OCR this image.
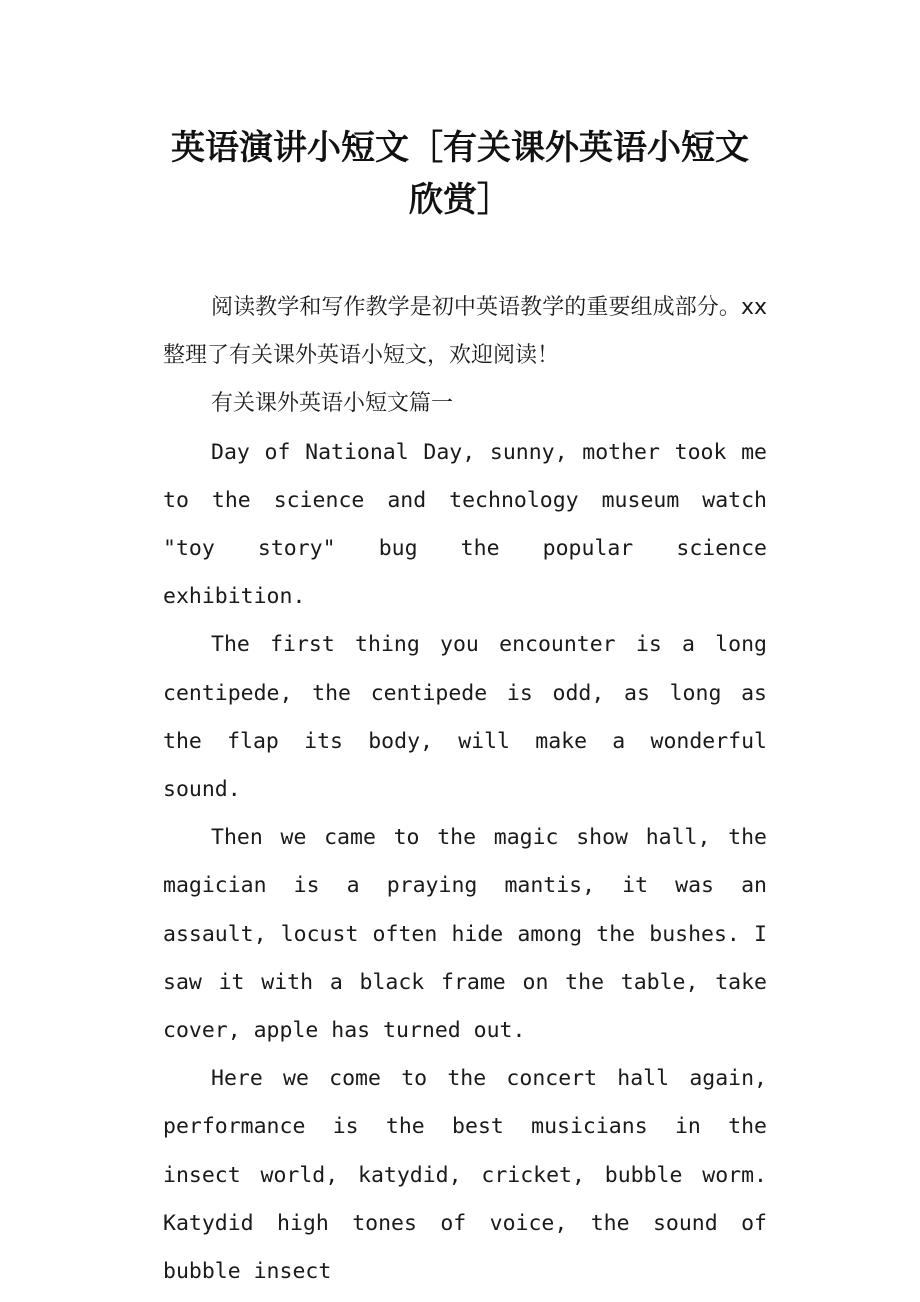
英语演讲小短文［有关课外英语小短文
欣赏］

阅读教学和写作教学是初中英语教学的重要组成部分。xx整理了有关课外英语小短文，欢迎阅读！

有关课外英语小短文篇一

Day of National Day, sunny, mother took me to the science and technology museum watch "toy story" bug the popular science exhibition.

The first thing you encounter is a long centipede, the centipede is odd, as long as the flap its body, will make a wonderful sound.

Then we came to the magic show hall, the magician is a praying mantis, it was an assault, locust often hide among the bushes. I saw it with a black frame on the table, take cover, apple has turned out.

Here we come to the concert hall again, performance is the best musicians in the insect world, katydid, cricket, bubble worm. Katydid high tones of voice, the sound of bubble insect
